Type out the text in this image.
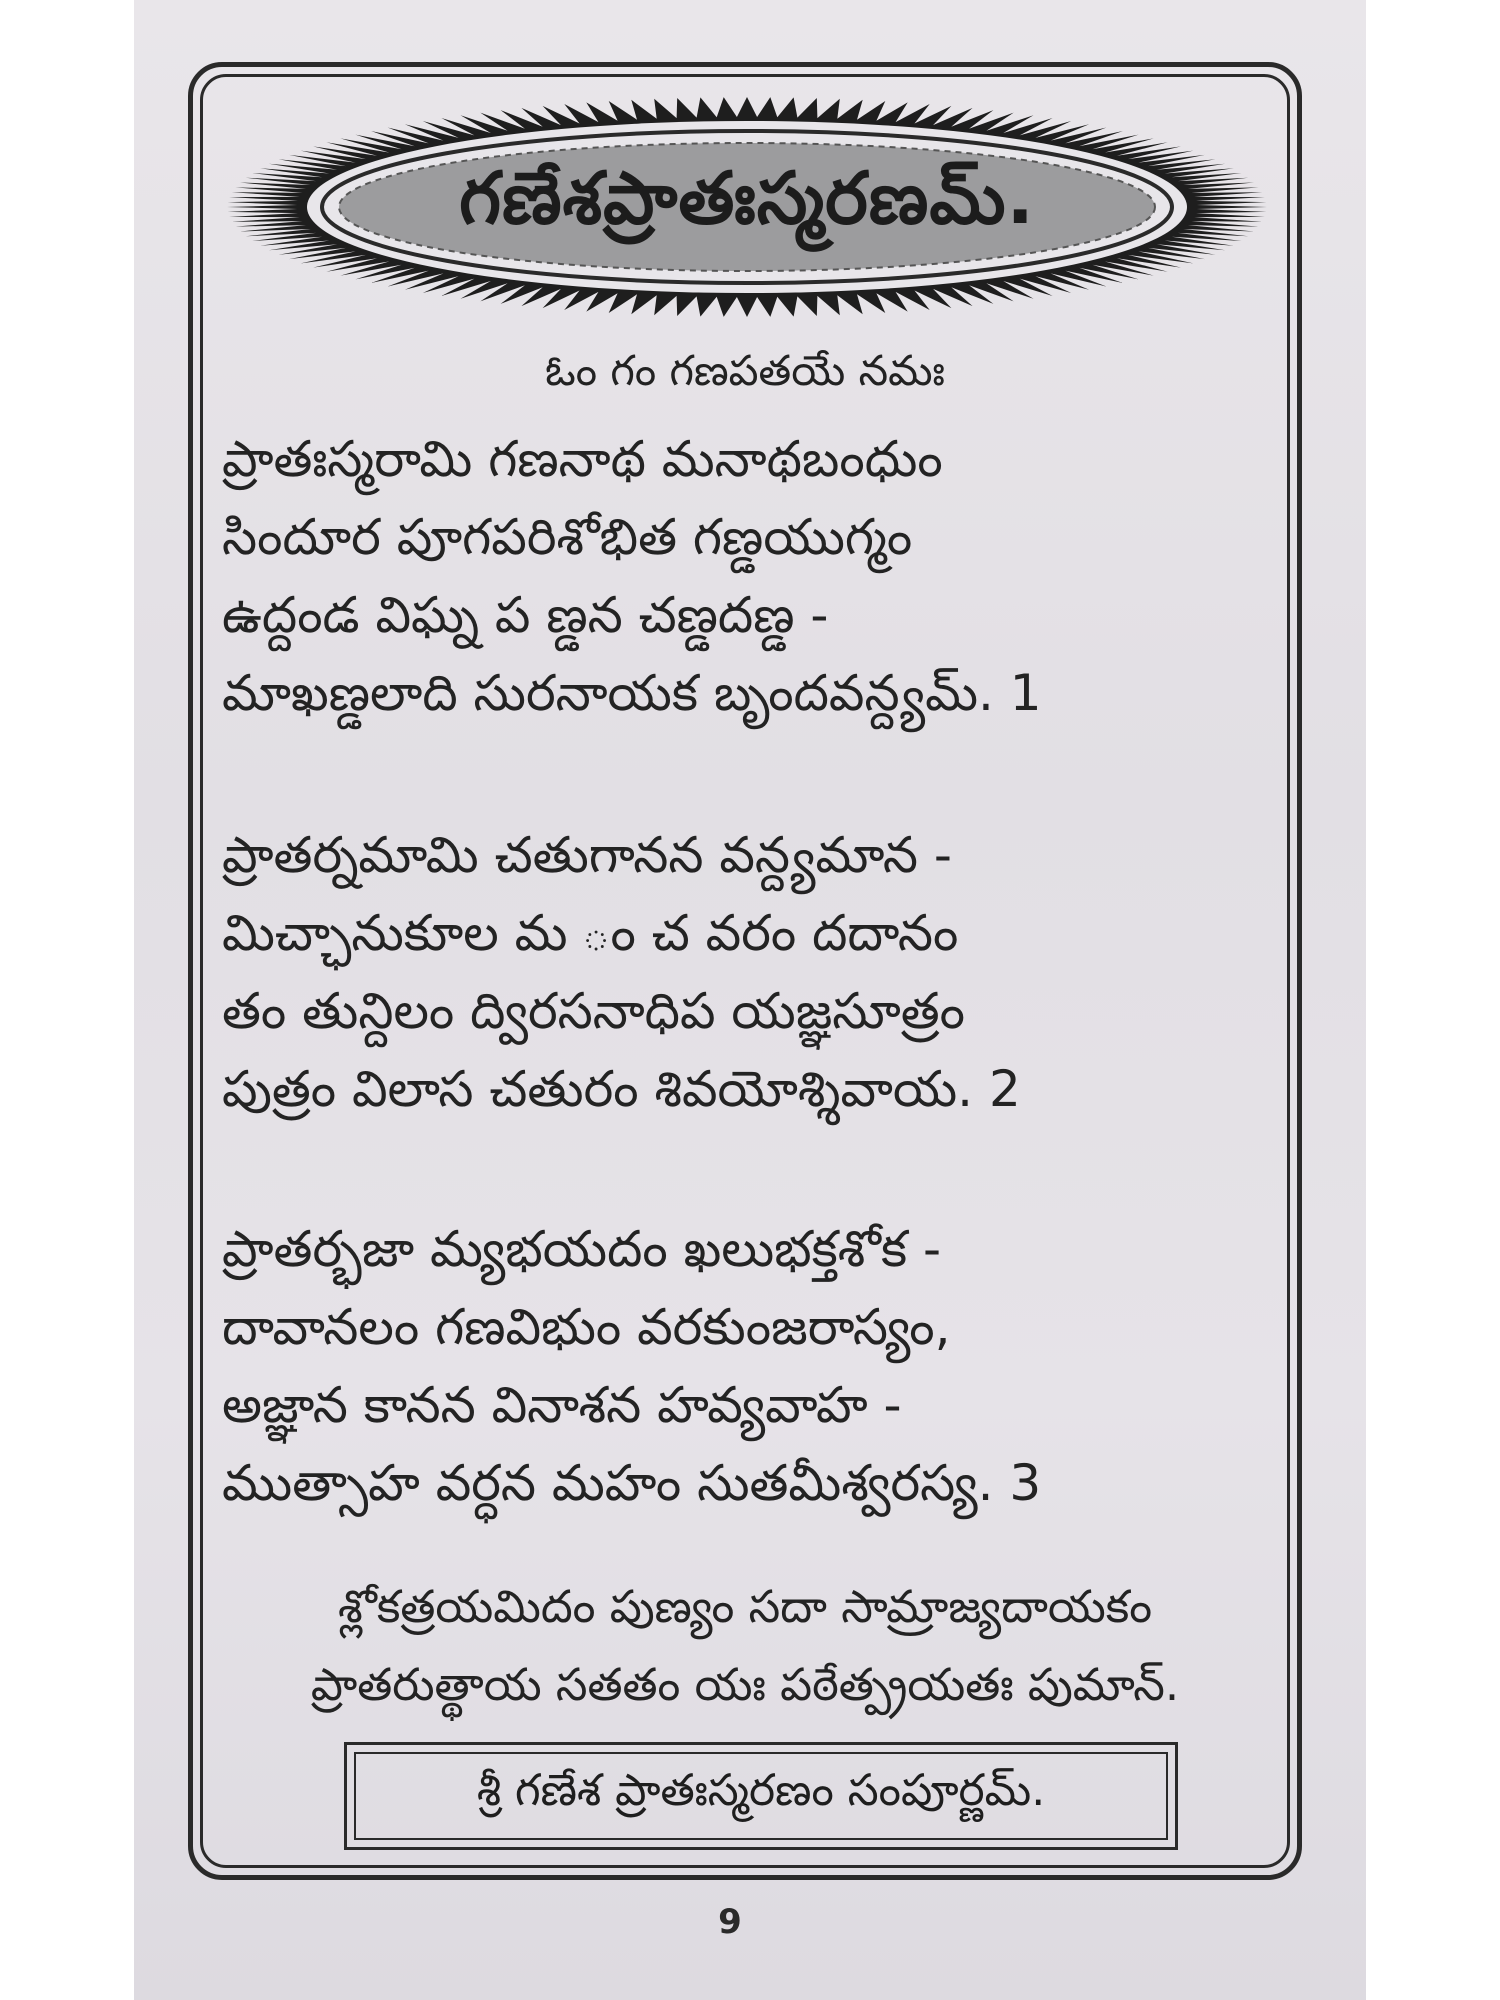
గణేశప్రాతఃస్మరణమ్.
ఓం గం గణపతయే నమః
ప్రాతఃస్మరామి గణనాథ మనాథబంధుం
సిందూర పూగపరిశోభిత గణ్డయుగ్మం
ఉద్దండ విఘ్న ప ణ్డన చణ్డదణ్డ -
మాఖణ్డలాది సురనాయక బృందవన్ద్యమ్. 1
ప్రాతర్నమామి చతుగానన వన్ద్యమాన -
మిచ్ఛానుకూల మ ం చ వరం దదానం
తం తున్దిలం ద్విరసనాధిప యజ్ఞసూత్రం
పుత్రం విలాస చతురం శివయోశ్శివాయ. 2
ప్రాతర్భజా మ్యభయదం ఖలుభక్తశోక -
దావానలం గణవిభుం వరకుంజరాస్యం,
అజ్ఞాన కానన వినాశన హవ్యవాహ -
ముత్సాహ వర్ధన మహం సుతమీశ్వరస్య. 3
శ్లోకత్రయమిదం పుణ్యం సదా సామ్రాజ్యదాయకం
ప్రాతరుత్థాయ సతతం యః పఠేత్ప్రయతః పుమాన్.
శ్రీ గణేశ ప్రాతఃస్మరణం సంపూర్ణమ్.
9
